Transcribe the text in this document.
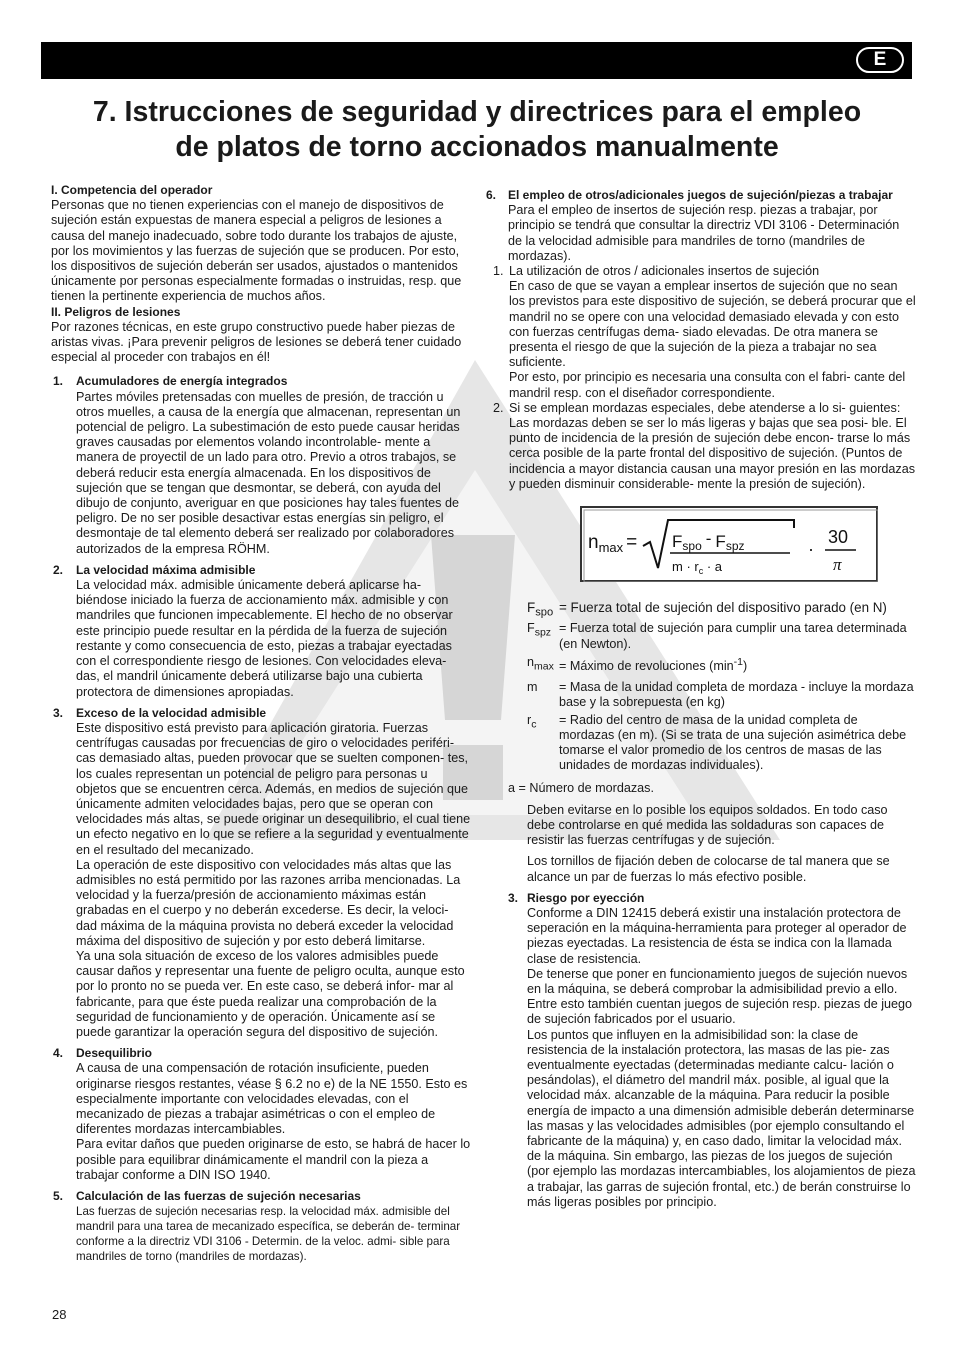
E
7. Istrucciones de seguridad y directrices para el empleo
de platos de torno accionados manualmente

I. Competencia del operador

Personas que no tienen experiencias con el manejo de dispositivos de sujeción están expuestas de manera especial a peligros de lesiones a causa del manejo inadecuado, sobre todo durante los trabajos de ajuste, por los movimientos y las fuerzas de sujeción que se producen. Por esto, los dispositivos de sujeción deberán ser usados, ajustados o mantenidos únicamente por personas especialmente formadas o instruidas, resp. que tienen la pertinente experiencia de muchos años.

II. Peligros de lesiones

Por razones técnicas, en este grupo constructivo puede haber piezas de aristas vivas. ¡Para prevenir peligros de lesiones se deberá tener cuidado especial al proceder con trabajos en él!

1. Acumuladores de energía integrados

Partes móviles pretensadas con muelles de presión, de tracción u otros muelles, a causa de la energía que almacenan, representan un potencial de peligro. La subestimación de esto puede causar heridas graves causadas por elementos volando incontrolable- mente a manera de proyectil de un lado para otro. Previo a otros trabajos, se deberá reducir esta energía almacenada. En los dispositivos de sujeción que se tengan que desmontar, se deberá, con ayuda del dibujo de conjunto, averiguar en que posiciones hay tales fuentes de peligro. De no ser posible desactivar estas energías sin peligro, el desmontaje de tal elemento deberá ser realizado por colaboradores autorizados de la empresa RÖHM.

2. La velocidad máxima admisible

La velocidad máx. admisible únicamente deberá aplicarse ha- biéndose iniciado la fuerza de accionamiento máx. admisible y con mandriles que funcionen impecablemente. El hecho de no observar este principio puede resultar en la pérdida de la fuerza de sujeción restante y como consecuencia de esto, piezas a trabajar eyectadas con el correspondiente riesgo de lesiones. Con velocidades eleva- das, el mandril únicamente deberá utilizarse bajo una cubierta protectora de dimensiones apropiadas.

3. Exceso de la velocidad admisible

Este dispositivo está previsto para aplicación giratoria. Fuerzas centrífugas causadas por frecuencias de giro o velocidades periféri- cas demasiado altas, pueden provocar que se suelten componen- tes, los cuales representan un potencial de peligro para personas u objetos que se encuentren cerca. Además, en medios de sujeción que únicamente admiten velocidades bajas, pero que se operan con velocidades más altas, se puede originar un desequilibrio, el cual tiene un efecto negativo en lo que se refiere a la seguridad y eventualmente en el resultado del mecanizado.

La operación de este dispositivo con velocidades más altas que las admisibles no está permitido por las razones arriba mencionadas. La velocidad y la fuerza/presión de accionamiento máximas están grabadas en el cuerpo y no deberán excederse. Es decir, la veloci- dad máxima de la máquina provista no deberá exceder la velocidad máxima del dispositivo de sujeción y por esto deberá limitarse.

Ya una sola situación de exceso de los valores admisibles puede causar daños y representar una fuente de peligro oculta, aunque esto por lo pronto no se pueda ver. En este caso, se deberá infor- mar al fabricante, para que éste pueda realizar una comprobación de la seguridad de funcionamiento y de operación. Únicamente así se puede garantizar la operación segura del dispositivo de sujeción.

4. Desequilibrio

A causa de una compensación de rotación insuficiente, pueden originarse riesgos restantes, véase § 6.2 no e) de la NE 1550. Esto es especialmente importante con velocidades elevadas, con el mecanizado de piezas a trabajar asimétricas o con el empleo de diferentes mordazas intercambiables.

Para evitar daños que pueden originarse de esto, se habrá de hacer lo posible para equilibrar dinámicamente el mandril con la pieza a trabajar conforme a DIN ISO 1940.

5. Calculación de las fuerzas de sujeción necesarias

Las fuerzas de sujeción necesarias resp. la velocidad máx. admisible del mandril para una tarea de mecanizado específica, se deberán de- terminar conforme a la directriz VDI 3106 - Determin. de la veloc. admi- sible para mandriles de torno (mandriles de mordazas).

6. El empleo de otros/adicionales juegos de sujeción/piezas a trabajar

Para el empleo de insertos de sujeción resp. piezas a trabajar, por principio se tendrá que consultar la directriz VDI 3106 - Determinación de la velocidad admisible para mandriles de torno (mandriles de mordazas).

1. La utilización de otros / adicionales insertos de sujeción

En caso de que se vayan a emplear insertos de sujeción que no sean los previstos para este dispositivo de sujeción, se deberá procurar que el mandril no se opere con una velocidad demasiado elevada y con esto con fuerzas centrífugas dema- siado elevadas. De otra manera se presenta el riesgo de que la sujeción de la pieza a trabajar no sea suficiente.

Por esto, por principio es necesaria una consulta con el fabri- cante del mandril resp. con el diseñador correspondiente.

2. Si se emplean mordazas especiales, debe atenderse a lo si- guientes:

Las mordazas deben se ser lo más ligeras y bajas que sea posi- ble. El punto de incidencia de la presión de sujeción debe encon- trarse lo más cerca posible de la parte frontal del dispositivo de sujeción. (Puntos de incidencia a mayor distancia causan una mayor presión en las mordazas y pueden disminuir considerable- mente la presión de sujeción).

$n_{max}$ = Fspo - Fspz
$m \cdot r_c \cdot a$
·
30
π
$F_{spo}$ = Fuerza total de sujeción del dispositivo parado (en N)
$F_{spz}$ = Fuerza total de sujeción para cumplir una tarea determinada (en Newton).
$n_{max}$ = Máximo de revoluciones $(\min^{-1})$
m = Masa de la unidad completa de mordaza - incluye la mordaza base y la sobrepuesta (en kg)
$r_c$ = Radio del centro de masa de la unidad completa de mordazas (en m). (Si se trata de una sujeción asimétrica debe tomarse el valor promedio de los centros de masas de las unidades de mordazas individuales).

a = Número de mordazas.

Deben evitarse en lo posible los equipos soldados. En todo caso debe controlarse en qué medida las soldaduras son capaces de resistir las fuerzas centrífugas y de sujeción.

Los tornillos de fijación deben de colocarse de tal manera que se alcance un par de fuerzas lo más efectivo posible.

3. Riesgo por eyección

Conforme a DIN 12415 deberá existir una instalación protectora de seperación en la máquina-herramienta para proteger al operador de piezas eyectadas. La resistencia de ésta se indica con la llamada clase de resistencia.

De tenerse que poner en funcionamiento juegos de sujeción nuevos en la máquina, se deberá comprobar la admisibilidad previo a ello. Entre esto también cuentan juegos de sujeción resp. piezas de juego de sujeción fabricados por el usuario.

Los puntos que influyen en la admisibilidad son: la clase de resistencia de la instalación protectora, las masas de las pie- zas eventualmente eyectadas (determinadas mediante calcu- lación o pesándolas), el diámetro del mandril máx. posible, al igual que la velocidad máx. alcanzable de la máquina. Para reducir la posible energía de impacto a una dimensión admisible deberán determinarse las masas y las velocidades admisibles (por ejemplo consultando el fabricante de la máquina) y, en caso dado, limitar la velocidad máx. de la máquina. Sin embargo, las piezas de los juegos de sujeción (por ejemplo las mordazas intercambiables, los alojamientos de pieza a trabajar, las garras de sujeción frontal, etc.) de berán construirse lo más ligeras posibles por principio.

28
